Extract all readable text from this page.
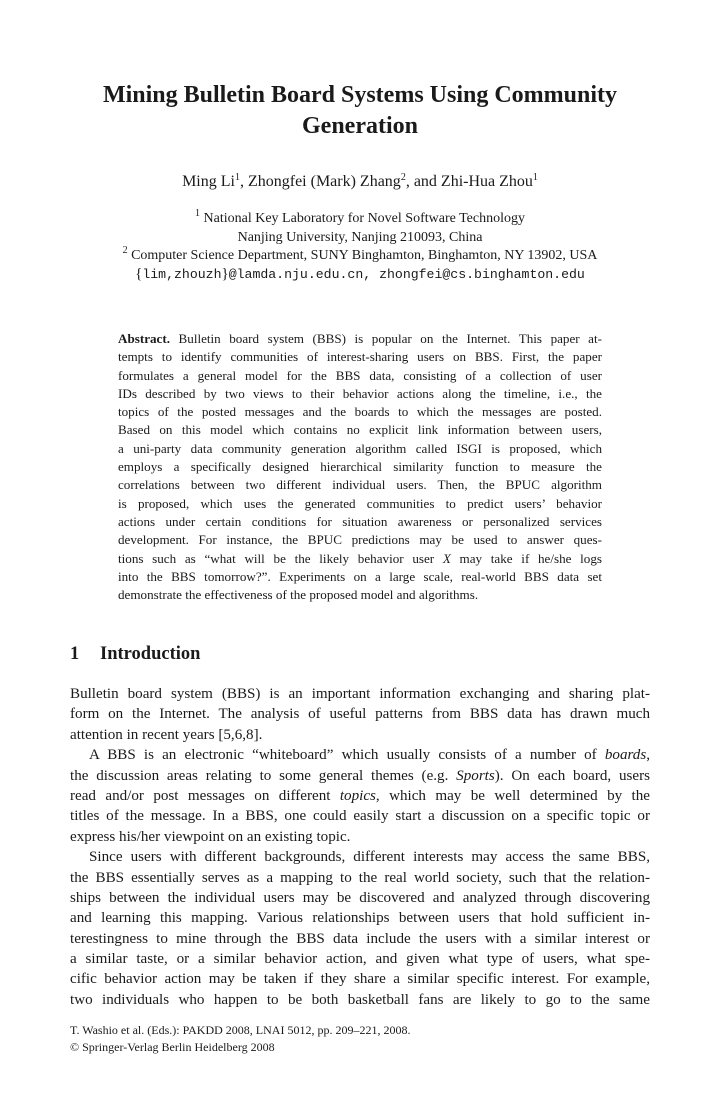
Mining Bulletin Board Systems Using Community
Generation
Ming Li$^1$, Zhongfei (Mark) Zhang$^2$, and Zhi-Hua Zhou$^1$
$^1$ National Key Laboratory for Novel Software Technology
Nanjing University, Nanjing 210093, China
$^2$ Computer Science Department, SUNY Binghamton, Binghamton, NY 13902, USA
{lim,zhouzh}@lamda.nju.edu.cn, zhongfei@cs.binghamton.edu
Abstract. Bulletin board system (BBS) is popular on the Internet. This paper at-
tempts to identify communities of interest-sharing users on BBS. First, the paper
formulates a general model for the BBS data, consisting of a collection of user
IDs described by two views to their behavior actions along the timeline, i.e., the
topics of the posted messages and the boards to which the messages are posted.
Based on this model which contains no explicit link information between users,
a uni-party data community generation algorithm called ISGI is proposed, which
employs a specifically designed hierarchical similarity function to measure the
correlations between two different individual users. Then, the BPUC algorithm
is proposed, which uses the generated communities to predict users’ behavior
actions under certain conditions for situation awareness or personalized services
development. For instance, the BPUC predictions may be used to answer ques-
tions such as “what will be the likely behavior user X may take if he/she logs
into the BBS tomorrow?”. Experiments on a large scale, real-world BBS data set
demonstrate the effectiveness of the proposed model and algorithms.
1 Introduction
Bulletin board system (BBS) is an important information exchanging and sharing plat-
form on the Internet. The analysis of useful patterns from BBS data has drawn much
attention in recent years [5,6,8].
A BBS is an electronic “whiteboard” which usually consists of a number of boards,
the discussion areas relating to some general themes (e.g. Sports). On each board, users
read and/or post messages on different topics, which may be well determined by the
titles of the message. In a BBS, one could easily start a discussion on a specific topic or
express his/her viewpoint on an existing topic.
Since users with different backgrounds, different interests may access the same BBS,
the BBS essentially serves as a mapping to the real world society, such that the relation-
ships between the individual users may be discovered and analyzed through discovering
and learning this mapping. Various relationships between users that hold sufficient in-
terestingness to mine through the BBS data include the users with a similar interest or
a similar taste, or a similar behavior action, and given what type of users, what spe-
cific behavior action may be taken if they share a similar specific interest. For example,
two individuals who happen to be both basketball fans are likely to go to the same
T. Washio et al. (Eds.): PAKDD 2008, LNAI 5012, pp. 209–221, 2008.
© Springer-Verlag Berlin Heidelberg 2008
